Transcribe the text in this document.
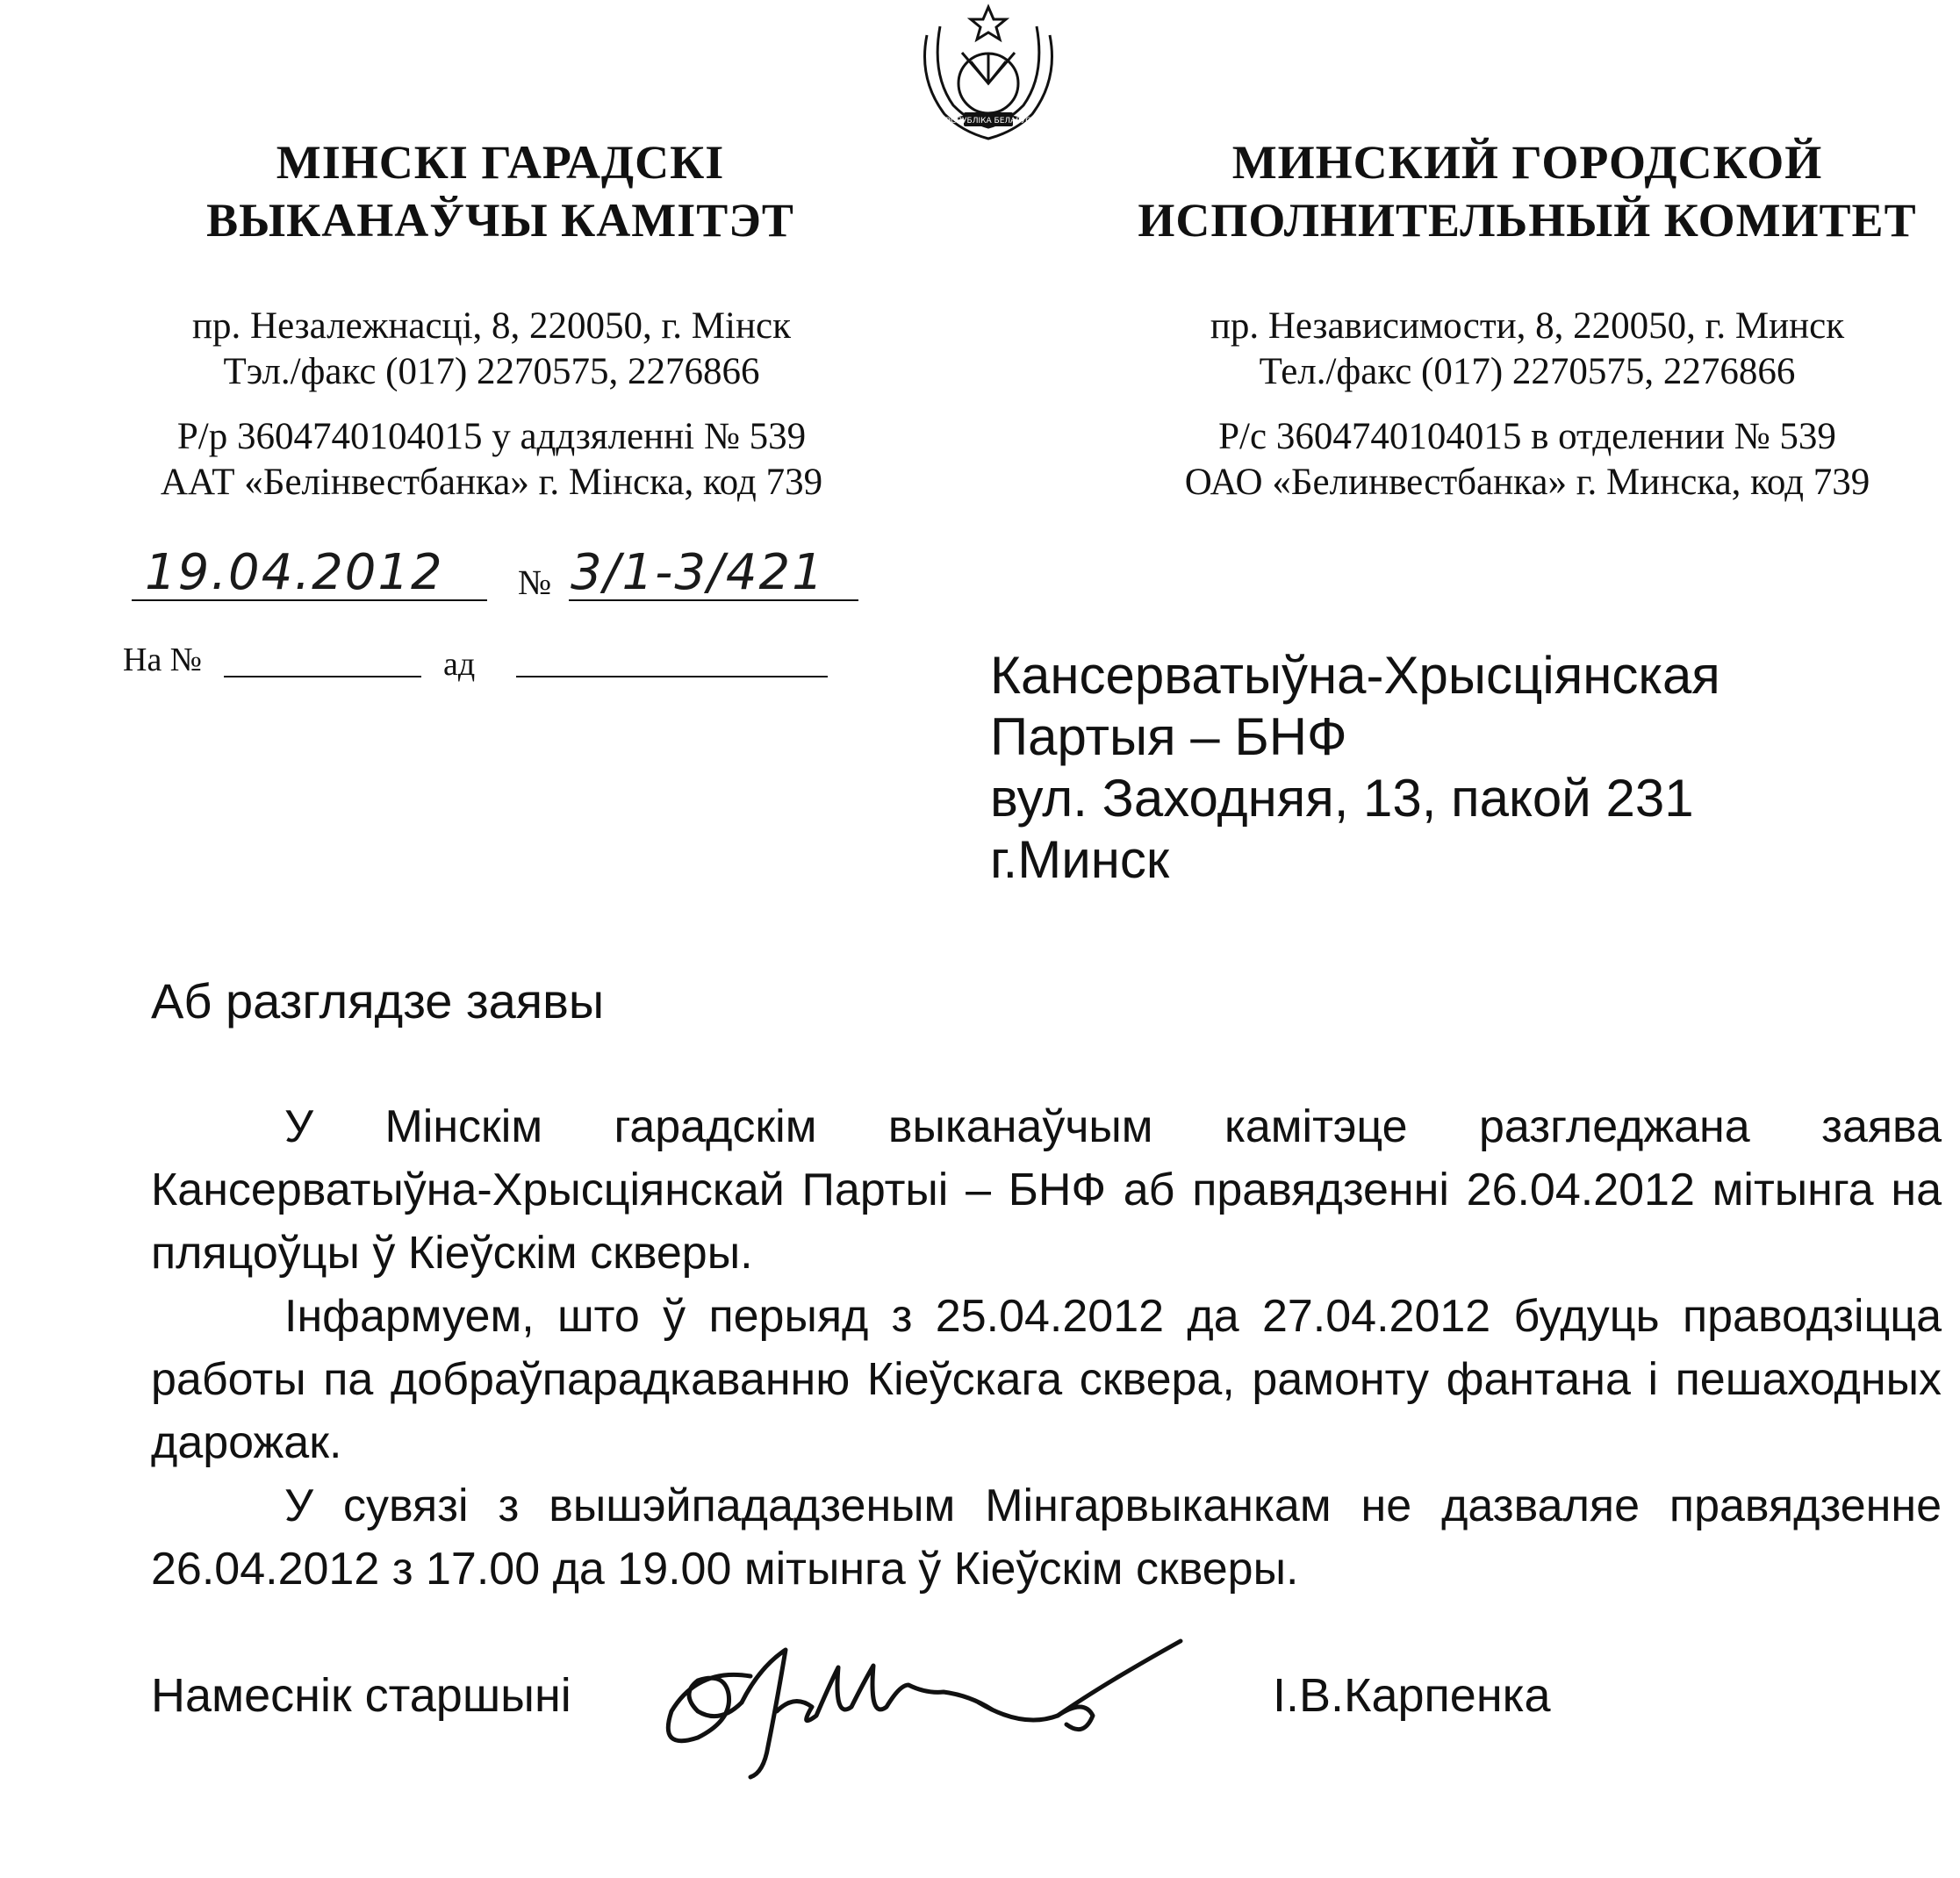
РЭСПУБЛІКА БЕЛАРУСЬ
МІНСКІ ГАРАДСКІ
ВЫКАНАЎЧЫ КАМІТЭТ
пр. Незалежнасці, 8, 220050, г. Мінск
Тэл./факс (017) 2270575, 2276866
Р/р 3604740104015 у аддзяленні № 539
ААТ «Белінвестбанка» г. Мінска, код 739
МИНСКИЙ ГОРОДСКОЙ
ИСПОЛНИТЕЛЬНЫЙ КОМИТЕТ
пр. Независимости, 8, 220050, г. Минск
Тел./факс (017) 2270575, 2276866
Р/с 3604740104015 в отделении № 539
ОАО «Белинвестбанка» г. Минска, код 739
19.04.2012 № 3/1-3/421
На №	ад	Кансерватыўна-Хрысціянская
Партыя – БНФ
вул. Заходняя, 13, пакой 231
г.Минск
Аб разглядзе заявы

У Мінскім гарадскім выканаўчым камітэце разгледжана заява Кансерватыўна-Хрысціянскай Партыі – БНФ аб правядзенні 26.04.2012 мітынга на пляцоўцы ў Кіеўскім скверы.

Інфармуем, што ў перыяд з 25.04.2012 да 27.04.2012 будуць праводзіцца работы па добраўпарадкаванню Кіеўскага сквера, рамонту фантана і пешаходных дарожак.

У сувязі з вышэйпададзеным Мінгарвыканкам не дазваляе правядзенне 26.04.2012 з 17.00 да 19.00 мітынга ў Кіеўскім скверы.

Намеснік старшыні	І.В.Карпенка
